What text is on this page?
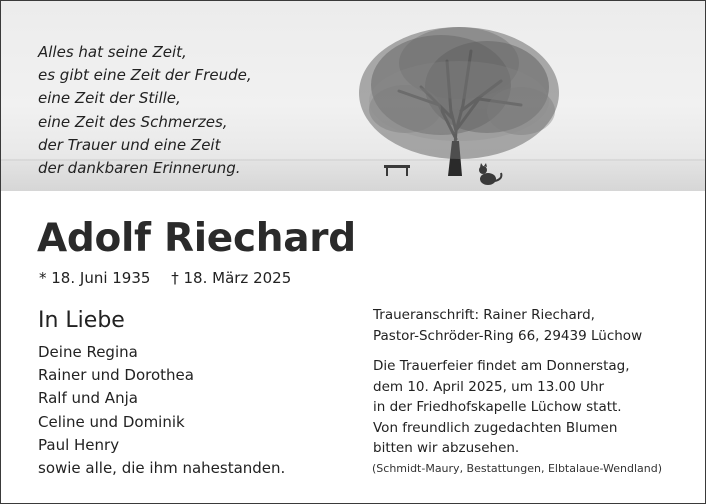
Alles hat seine Zeit,
es gibt eine Zeit der Freude,
eine Zeit der Stille,
eine Zeit des Schmerzes,
der Trauer und eine Zeit
der dankbaren Erinnerung.
Adolf Riechard
* 18. Juni 1935 † 18. März 2025
In Liebe
Deine Regina
Rainer und Dorothea
Ralf und Anja
Celine und Dominik
Paul Henry
sowie alle, die ihm nahestanden.
Traueranschrift: Rainer Riechard,
Pastor-Schröder-Ring 66, 29439 Lüchow
Die Trauerfeier findet am Donnerstag,
dem 10. April 2025, um 13.00 Uhr
in der Friedhofskapelle Lüchow statt.
Von freundlich zugedachten Blumen
bitten wir abzusehen.
(Schmidt-Maury, Bestattungen, Elbtalaue-Wendland)
